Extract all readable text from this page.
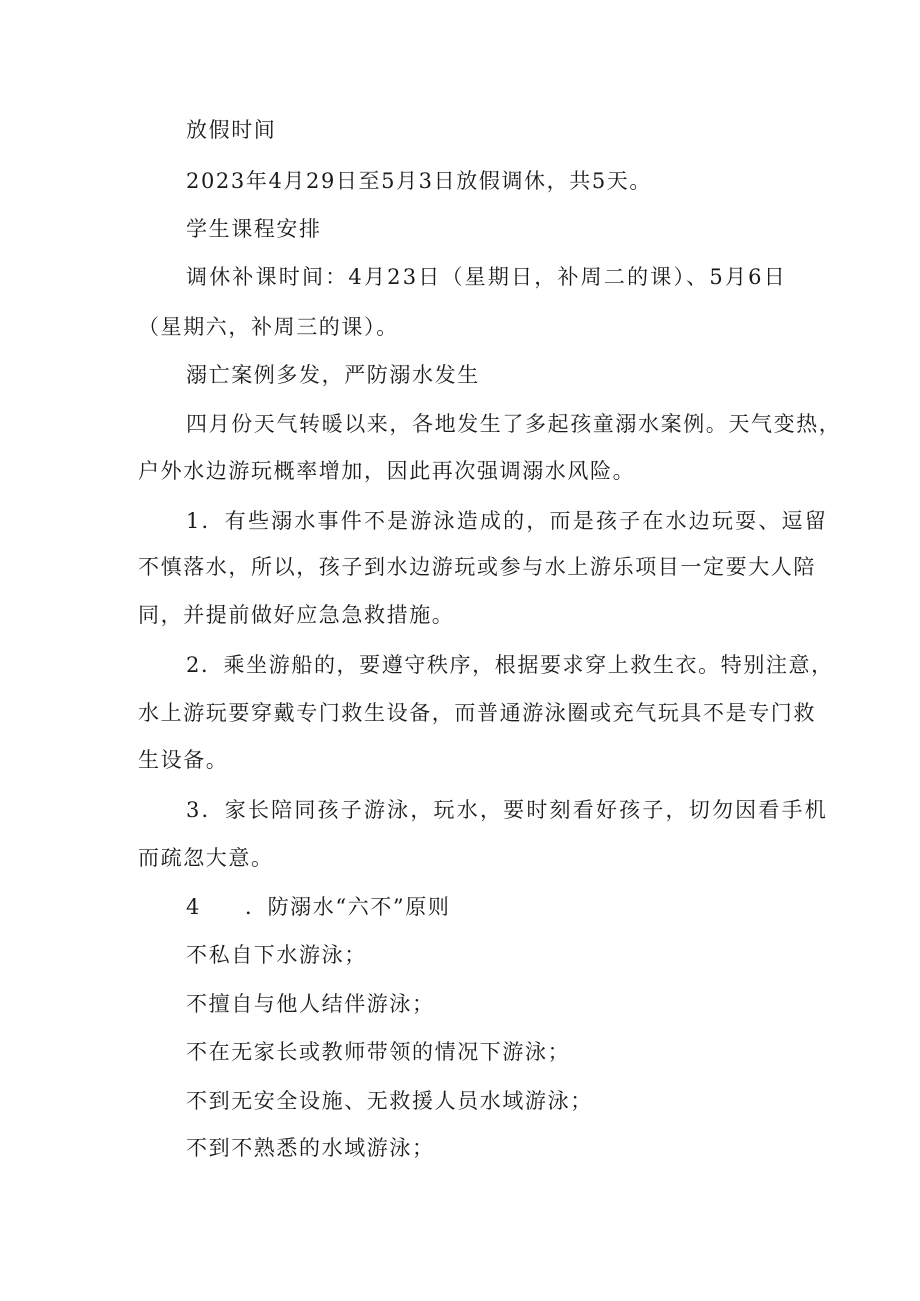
放假时间
2023年4月29日至5月3日放假调休，共5天。
学生课程安排
调休补课时间：4月23日（星期日，补周二的课）、5月6日
（星期六，补周三的课）。
溺亡案例多发，严防溺水发生
四月份天气转暖以来，各地发生了多起孩童溺水案例。天气变热，
户外水边游玩概率增加，因此再次强调溺水风险。
1．有些溺水事件不是游泳造成的，而是孩子在水边玩耍、逗留
不慎落水，所以，孩子到水边游玩或参与水上游乐项目一定要大人陪
同，并提前做好应急急救措施。
2．乘坐游船的，要遵守秩序，根据要求穿上救生衣。特别注意，
水上游玩要穿戴专门救生设备，而普通游泳圈或充气玩具不是专门救
生设备。
3．家长陪同孩子游泳，玩水，要时刻看好孩子，切勿因看手机
而疏忽大意。
4 ．防溺水“六不”原则
不私自下水游泳；
不擅自与他人结伴游泳；
不在无家长或教师带领的情况下游泳；
不到无安全设施、无救援人员水域游泳；
不到不熟悉的水域游泳；
